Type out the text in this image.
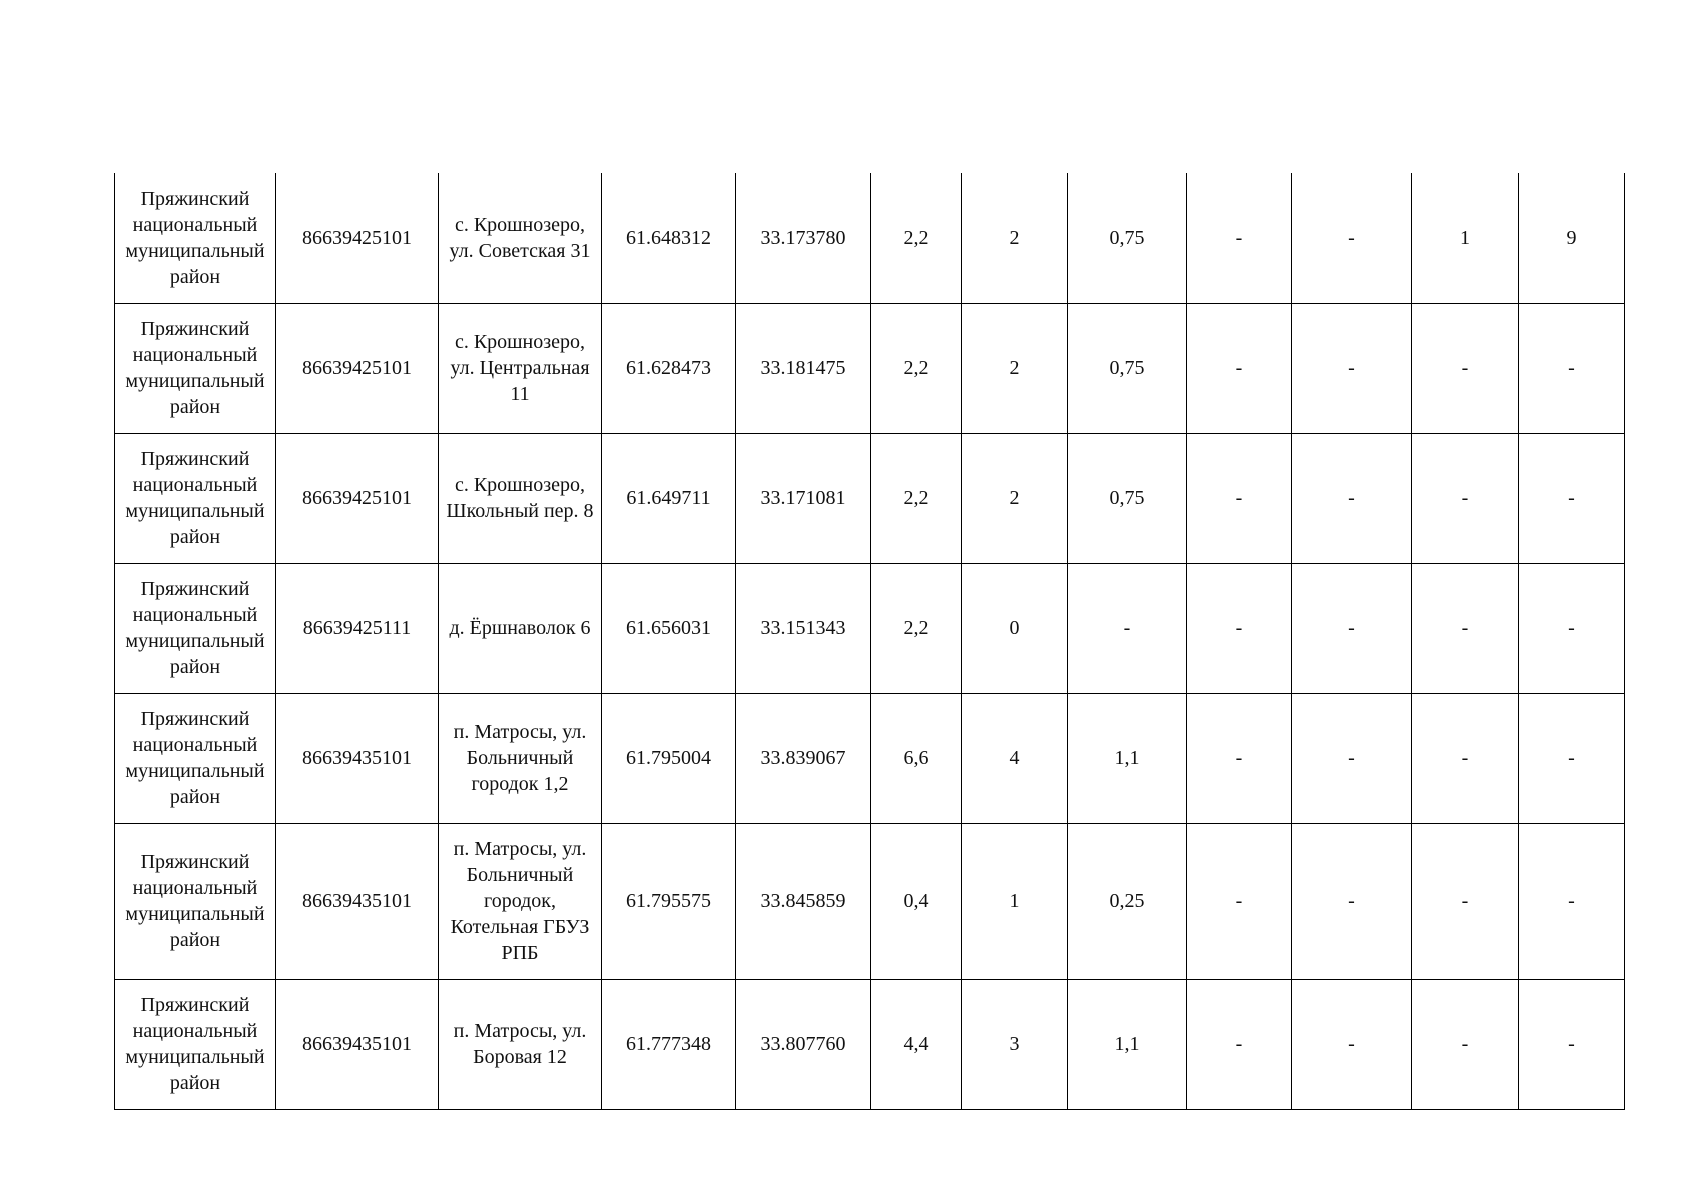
Пряжинский национальный муниципальный район	86639425101	с. Крошнозеро, ул. Советская 31	61.648312	33.173780	2,2	2	0,75	-	-	1	9
Пряжинский национальный муниципальный район	86639425101	с. Крошнозеро, ул. Центральная 11	61.628473	33.181475	2,2	2	0,75	-	-	-	-
Пряжинский национальный муниципальный район	86639425101	с. Крошнозеро, Школьный пер. 8	61.649711	33.171081	2,2	2	0,75	-	-	-	-
Пряжинский национальный муниципальный район	86639425111	д. Ёршнаволок 6	61.656031	33.151343	2,2	0	-	-	-	-	-
Пряжинский национальный муниципальный район	86639435101	п. Матросы, ул. Больничный городок 1,2	61.795004	33.839067	6,6	4	1,1	-	-	-	-
Пряжинский национальный муниципальный район	86639435101	п. Матросы, ул. Больничный городок, Котельная ГБУЗ РПБ	61.795575	33.845859	0,4	1	0,25	-	-	-	-
Пряжинский национальный муниципальный район	86639435101	п. Матросы, ул. Боровая 12	61.777348	33.807760	4,4	3	1,1	-	-	-	-
